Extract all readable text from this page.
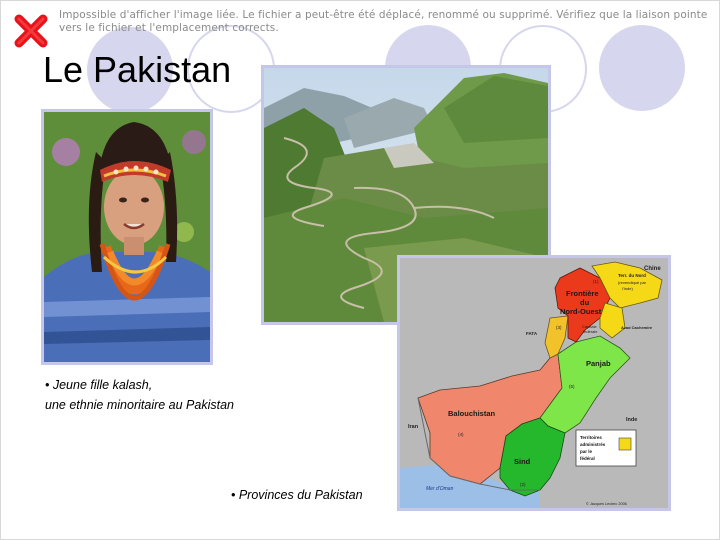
Impossible d'afficher l'image liée. Le fichier a peut-être été déplacé, renommé ou supprimé. Vérifiez que la liaison pointe vers le fichier et l'emplacement corrects.
Le Pakistan
Chine
Terr. du Nord
(revendiqué par
l'Inde)
Frontière
du
Nord-Ouest
Capitale
fédérale
Azad Cachemire
FATA
Panjab
Balouchistan
Sind
Iran
Inde
Mer d'Oman
© Jacques Leclerc 2006
(3)
(5)
(4)
(2)
(1)
Territoires
administrés
par le
fédéral
• Jeune fille kalash,
une ethnie minoritaire au Pakistan
• Provinces du Pakistan
